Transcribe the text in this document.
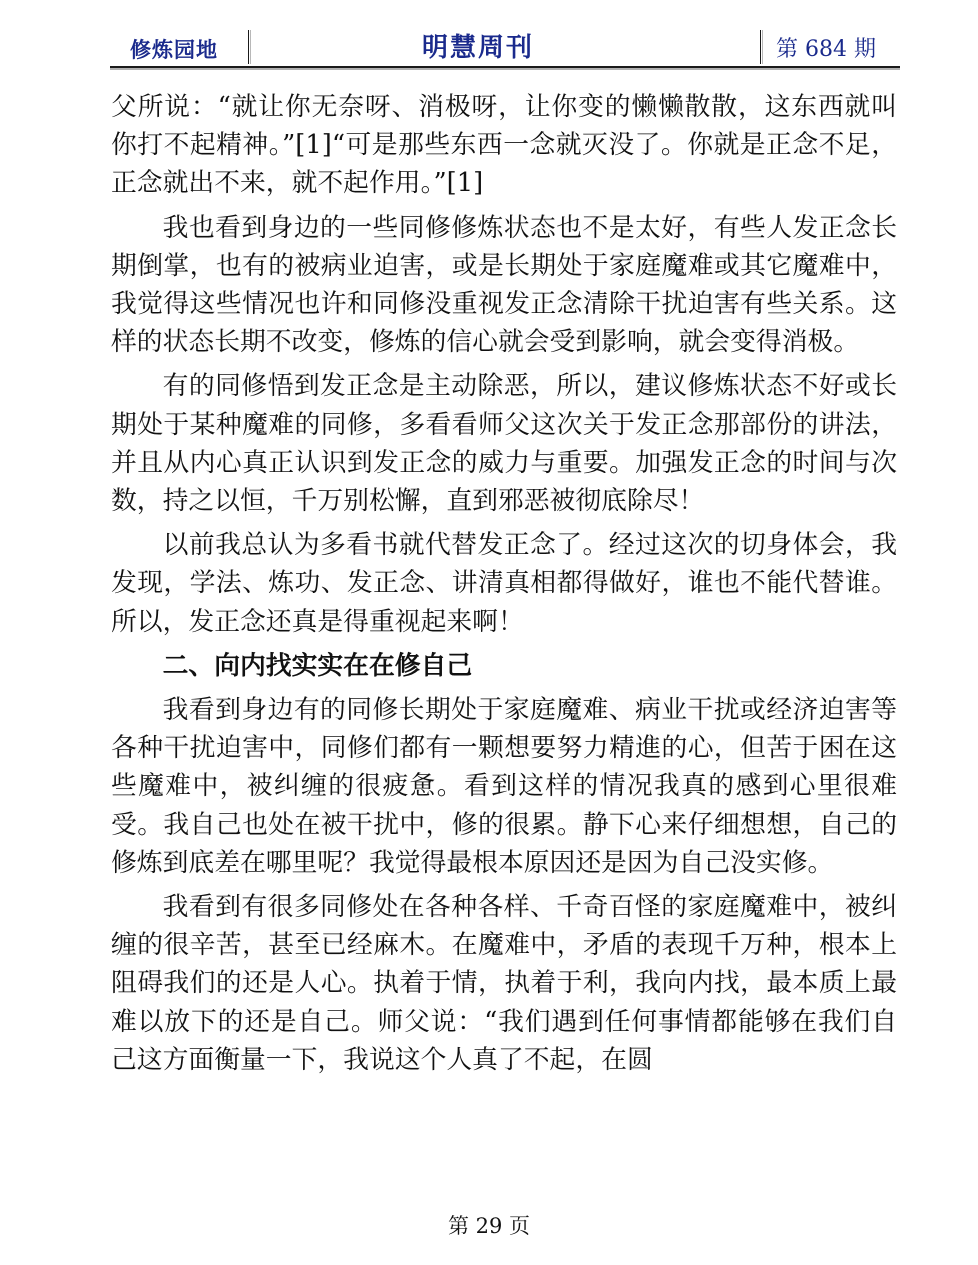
修炼园地	明慧周刊	第 684 期

父所说：“就让你无奈呀、消极呀，让你变的懒懒散散，这东西就叫你打不起精神。”[1]“可是那些东西一念就灭没了。你就是正念不足，正念就出不来，就不起作用。”[1]

我也看到身边的一些同修修炼状态也不是太好，有些人发正念长期倒掌，也有的被病业迫害，或是长期处于家庭魔难或其它魔难中，我觉得这些情况也许和同修没重视发正念清除干扰迫害有些关系。这样的状态长期不改变，修炼的信心就会受到影响，就会变得消极。

有的同修悟到发正念是主动除恶，所以，建议修炼状态不好或长期处于某种魔难的同修，多看看师父这次关于发正念那部份的讲法，并且从内心真正认识到发正念的威力与重要。加强发正念的时间与次数，持之以恒，千万别松懈，直到邪恶被彻底除尽！

以前我总认为多看书就代替发正念了。经过这次的切身体会，我发现，学法、炼功、发正念、讲清真相都得做好，谁也不能代替谁。所以，发正念还真是得重视起来啊！

二、向内找实实在在修自己

我看到身边有的同修长期处于家庭魔难、病业干扰或经济迫害等各种干扰迫害中，同修们都有一颗想要努力精進的心，但苦于困在这些魔难中，被纠缠的很疲惫。看到这样的情况我真的感到心里很难受。我自己也处在被干扰中，修的很累。静下心来仔细想想，自己的修炼到底差在哪里呢？我觉得最根本原因还是因为自己没实修。

我看到有很多同修处在各种各样、千奇百怪的家庭魔难中，被纠缠的很辛苦，甚至已经麻木。在魔难中，矛盾的表现千万种，根本上阻碍我们的还是人心。执着于情，执着于利，我向内找，最本质上最难以放下的还是自己。师父说：“我们遇到任何事情都能够在我们自己这方面衡量一下，我说这个人真了不起，在圆

第 29 页
